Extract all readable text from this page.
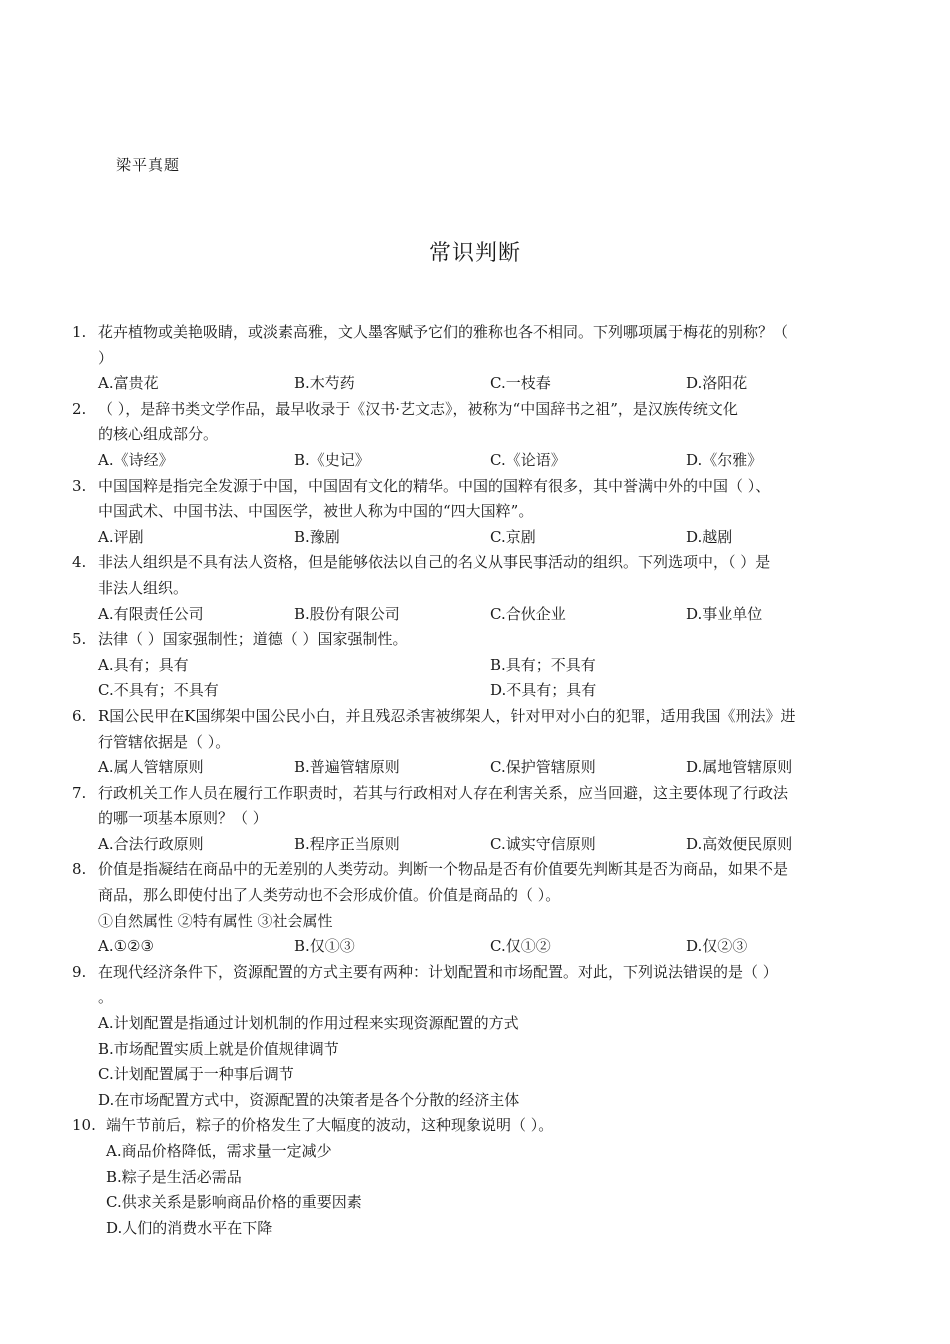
梁平真题
常识判断
1. 花卉植物或美艳吸睛，或淡素高雅，文人墨客赋予它们的雅称也各不相同。下列哪项属于梅花的别称？（
）
A.富贵花	B.木芍药	C.一枝春	D.洛阳花
2. （ ），是辞书类文学作品，最早收录于《汉书·艺文志》，被称为“中国辞书之祖”，是汉族传统文化
的核心组成部分。
A.《诗经》	B.《史记》	C.《论语》	D.《尔雅》
3. 中国国粹是指完全发源于中国，中国固有文化的精华。中国的国粹有很多，其中誉满中外的中国（ ）、
中国武术、中国书法、中国医学，被世人称为中国的“四大国粹”。
A.评剧	B.豫剧	C.京剧	D.越剧
4. 非法人组织是不具有法人资格，但是能够依法以自己的名义从事民事活动的组织。下列选项中，（ ）是
非法人组织。
A.有限责任公司	B.股份有限公司	C.合伙企业	D.事业单位
5. 法律（ ）国家强制性；道德（ ）国家强制性。
A.具有；具有	B.具有；不具有
C.不具有；不具有	D.不具有；具有
6. R国公民甲在K国绑架中国公民小白，并且残忍杀害被绑架人，针对甲对小白的犯罪，适用我国《刑法》进
行管辖依据是（ ）。
A.属人管辖原则	B.普遍管辖原则	C.保护管辖原则	D.属地管辖原则
7. 行政机关工作人员在履行工作职责时，若其与行政相对人存在利害关系，应当回避，这主要体现了行政法
的哪一项基本原则？（ ）
A.合法行政原则	B.程序正当原则	C.诚实守信原则	D.高效便民原则
8. 价值是指凝结在商品中的无差别的人类劳动。判断一个物品是否有价值要先判断其是否为商品，如果不是
商品，那么即使付出了人类劳动也不会形成价值。价值是商品的（ ）。
①自然属性 ②特有属性 ③社会属性
A.①②③	B.仅①③	C.仅①②	D.仅②③
9. 在现代经济条件下，资源配置的方式主要有两种：计划配置和市场配置。对此，下列说法错误的是（ ）
。
A.计划配置是指通过计划机制的作用过程来实现资源配置的方式
B.市场配置实质上就是价值规律调节
C.计划配置属于一种事后调节
D.在市场配置方式中，资源配置的决策者是各个分散的经济主体
10. 端午节前后，粽子的价格发生了大幅度的波动，这种现象说明（ ）。
A.商品价格降低，需求量一定减少
B.粽子是生活必需品
C.供求关系是影响商品价格的重要因素
D.人们的消费水平在下降
